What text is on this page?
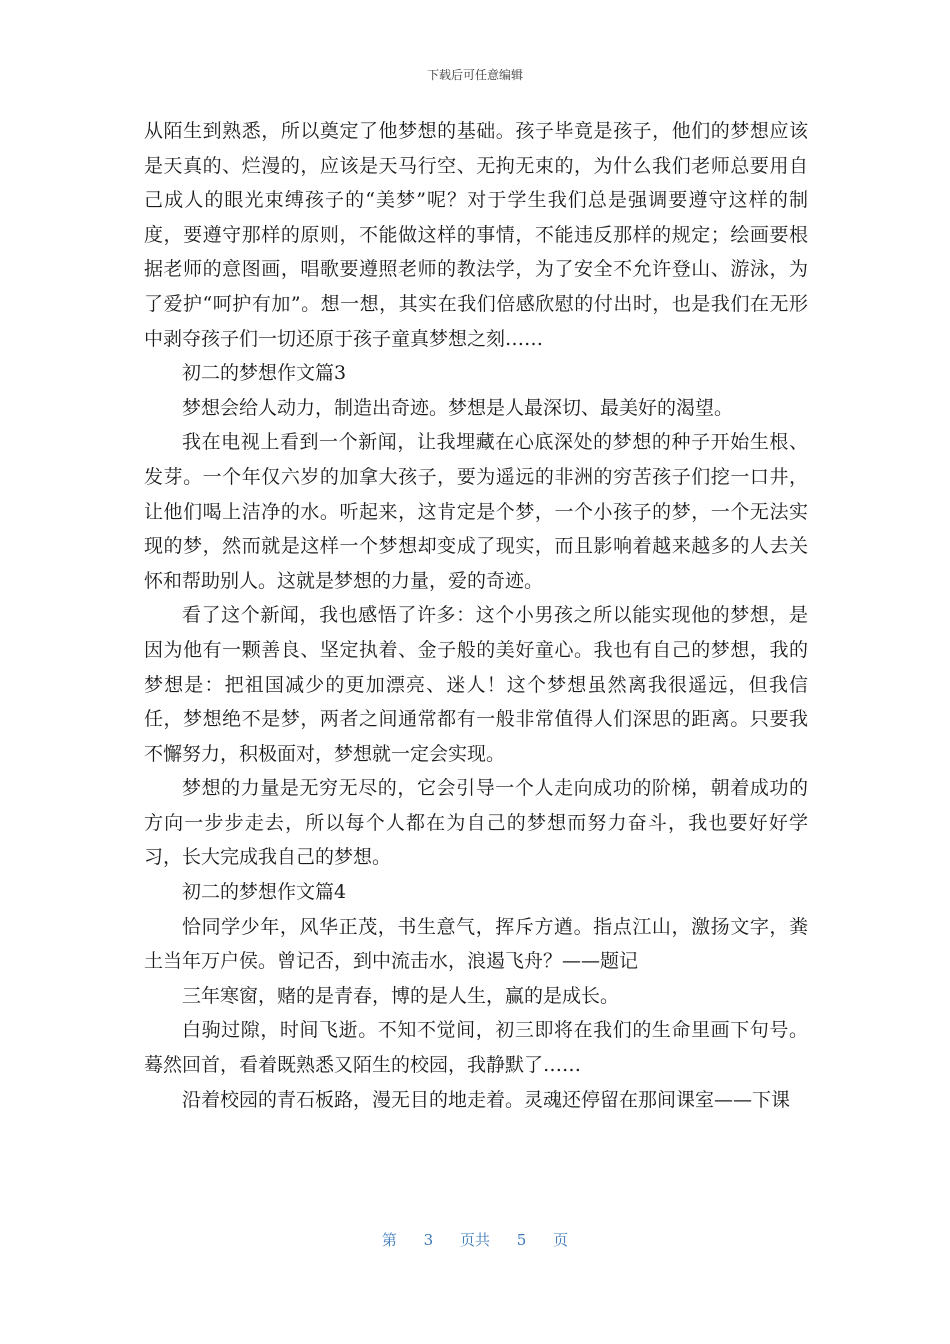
下载后可任意编辑

从陌生到熟悉，所以奠定了他梦想的基础。孩子毕竟是孩子，他们的梦想应该是天真的、烂漫的，应该是天马行空、无拘无束的，为什么我们老师总要用自己成人的眼光束缚孩子的“美梦”呢？对于学生我们总是强调要遵守这样的制度，要遵守那样的原则，不能做这样的事情，不能违反那样的规定；绘画要根据老师的意图画，唱歌要遵照老师的教法学，为了安全不允许登山、游泳，为了爱护“呵护有加”。想一想，其实在我们倍感欣慰的付出时，也是我们在无形中剥夺孩子们一切还原于孩子童真梦想之刻……

初二的梦想作文篇3

梦想会给人动力，制造出奇迹。梦想是人最深切、最美好的渴望。

我在电视上看到一个新闻，让我埋藏在心底深处的梦想的种子开始生根、发芽。一个年仅六岁的加拿大孩子，要为遥远的非洲的穷苦孩子们挖一口井，让他们喝上洁净的水。听起来，这肯定是个梦，一个小孩子的梦，一个无法实现的梦，然而就是这样一个梦想却变成了现实，而且影响着越来越多的人去关怀和帮助别人。这就是梦想的力量，爱的奇迹。

看了这个新闻，我也感悟了许多：这个小男孩之所以能实现他的梦想，是因为他有一颗善良、坚定执着、金子般的美好童心。我也有自己的梦想，我的梦想是：把祖国减少的更加漂亮、迷人！这个梦想虽然离我很遥远，但我信任，梦想绝不是梦，两者之间通常都有一般非常值得人们深思的距离。只要我不懈努力，积极面对，梦想就一定会实现。

梦想的力量是无穷无尽的，它会引导一个人走向成功的阶梯，朝着成功的方向一步步走去，所以每个人都在为自己的梦想而努力奋斗，我也要好好学习，长大完成我自己的梦想。

初二的梦想作文篇4

恰同学少年，风华正茂，书生意气，挥斥方遒。指点江山，激扬文字，粪土当年万户侯。曾记否，到中流击水，浪遏飞舟？——题记

三年寒窗，赌的是青春，博的是人生，赢的是成长。

白驹过隙，时间飞逝。不知不觉间，初三即将在我们的生命里画下句号。蓦然回首，看着既熟悉又陌生的校园，我静默了……

沿着校园的青石板路，漫无目的地走着。灵魂还停留在那间课室——下课

第 3 页共 5 页
